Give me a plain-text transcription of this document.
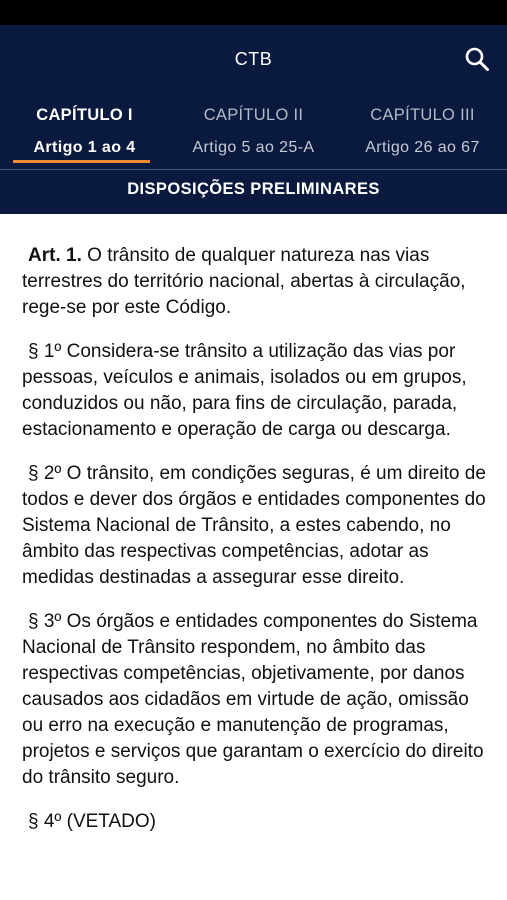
CTB
CAPÍTULO I
Artigo 1 ao 4
CAPÍTULO II
Artigo 5 ao 25-A
CAPÍTULO III
Artigo 26 ao 67
DISPOSIÇÕES PRELIMINARES

Art. 1. O trânsito de qualquer natureza nas vias terrestres do território nacional, abertas à circulação, rege-se por este Código.

§ 1º Considera-se trânsito a utilização das vias por pessoas, veículos e animais, isolados ou em grupos, conduzidos ou não, para fins de circulação, parada, estacionamento e operação de carga ou descarga.

§ 2º O trânsito, em condições seguras, é um direito de todos e dever dos órgãos e entidades componentes do Sistema Nacional de Trânsito, a estes cabendo, no âmbito das respectivas competências, adotar as medidas destinadas a assegurar esse direito.

§ 3º Os órgãos e entidades componentes do Sistema Nacional de Trânsito respondem, no âmbito das respectivas competências, objetivamente, por danos causados aos cidadãos em virtude de ação, omissão ou erro na execução e manutenção de programas, projetos e serviços que garantam o exercício do direito do trânsito seguro.

§ 4º (VETADO)
